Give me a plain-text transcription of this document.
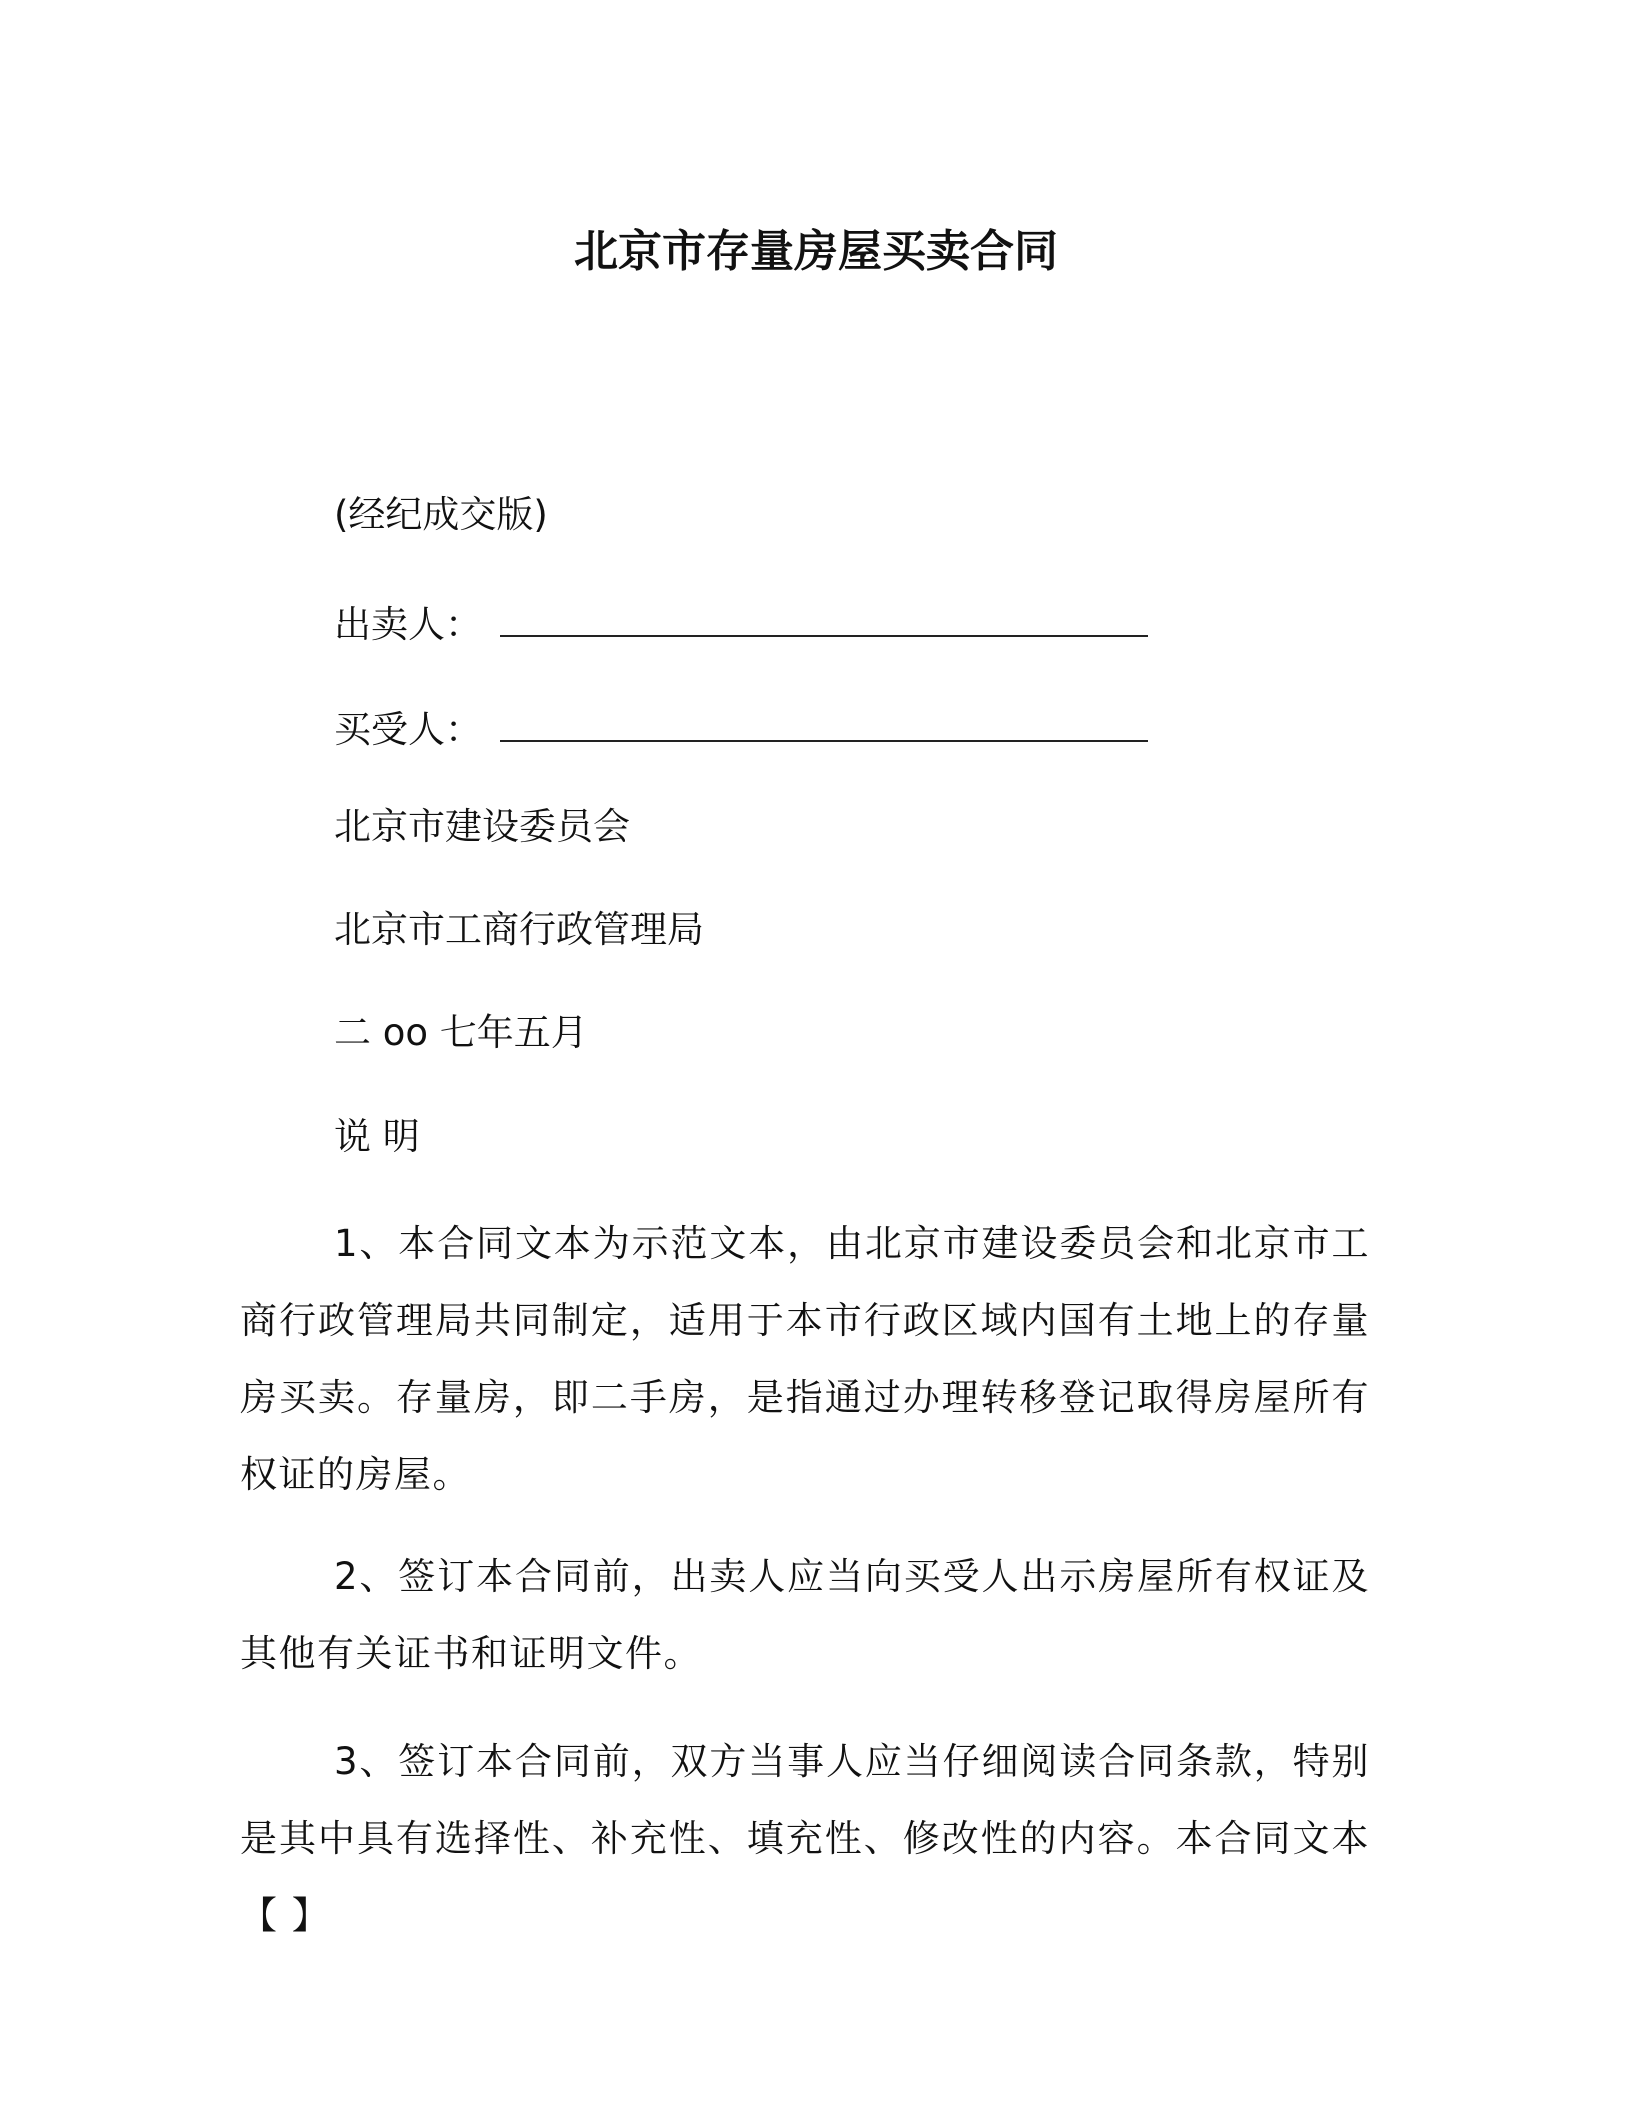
北京市存量房屋买卖合同
(经纪成交版)
出卖人：
买受人：
北京市建设委员会
北京市工商行政管理局
二 oo 七年五月
说 明
1、本合同文本为示范文本，由北京市建设委员会和北京市工商行政管理局共同制定，适用于本市行政区域内国有土地上的存量房买卖。存量房，即二手房，是指通过办理转移登记取得房屋所有权证的房屋。
2、签订本合同前，出卖人应当向买受人出示房屋所有权证及其他有关证书和证明文件。
3、签订本合同前，双方当事人应当仔细阅读合同条款，特别是其中具有选择性、补充性、填充性、修改性的内容。本合同文本【 】
